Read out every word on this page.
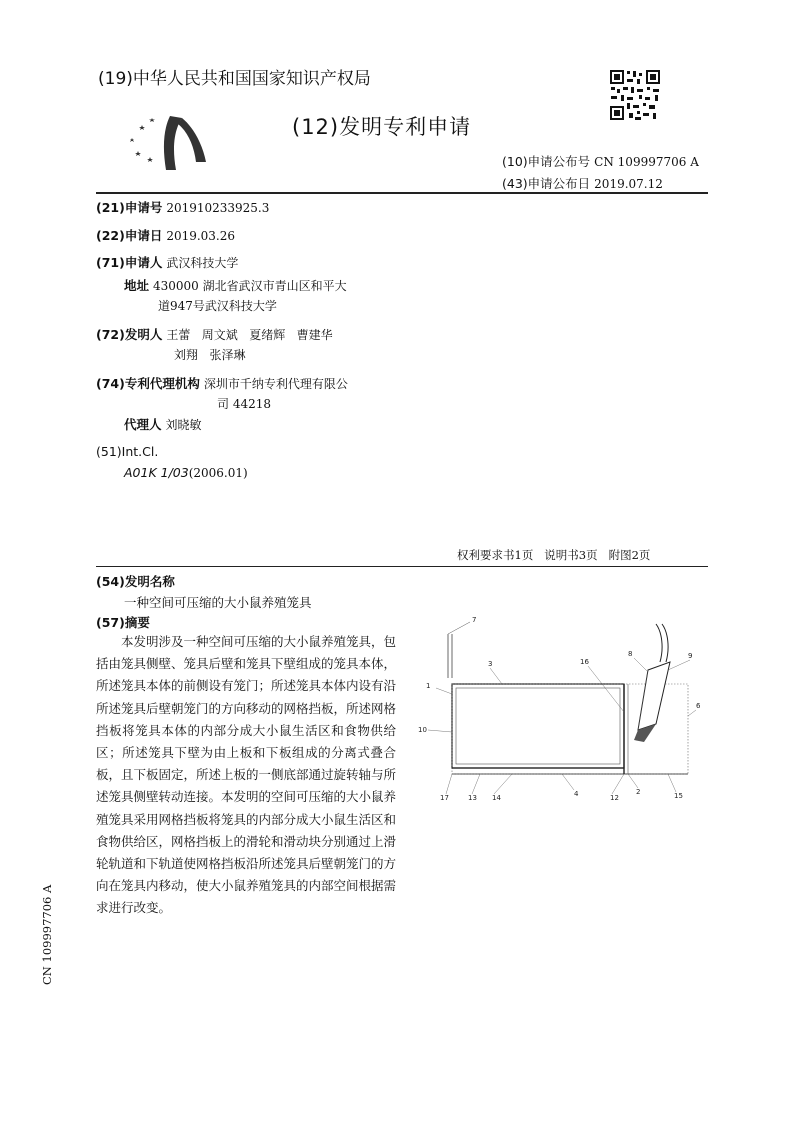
(19)中华人民共和国国家知识产权局
(12)发明专利申请
(10)申请公布号 CN 109997706 A
(43)申请公布日 2019.07.12
(21)申请号 201910233925.3
(22)申请日 2019.03.26
(71)申请人 武汉科技大学
地址 430000 湖北省武汉市青山区和平大
道947号武汉科技大学
(72)发明人 王蕾   周文斌   夏绪辉   曹建华
刘翔   张泽琳
(74)专利代理机构 深圳市千纳专利代理有限公
司 44218
代理人 刘晓敏
(51)Int.Cl.
A01K 1/03(2006.01)
权利要求书1页   说明书3页   附图2页
(54)发明名称
一种空间可压缩的大小鼠养殖笼具
(57)摘要
本发明涉及一种空间可压缩的大小鼠养殖笼具，包括由笼具侧壁、笼具后壁和笼具下壁组成的笼具本体，所述笼具本体的前侧设有笼门；所述笼具本体内设有沿所述笼具后壁朝笼门的方向移动的网格挡板，所述网格挡板将笼具本体的内部分成大小鼠生活区和食物供给区；所述笼具下壁为由上板和下板组成的分离式叠合板，且下板固定，所述上板的一侧底部通过旋转轴与所述笼具侧壁转动连接。本发明的空间可压缩的大小鼠养殖笼具采用网格挡板将笼具的内部分成大小鼠生活区和食物供给区，网格挡板上的滑轮和滑动块分别通过上滑轮轨道和下轨道使网格挡板沿所述笼具后壁朝笼门的方向在笼具内移动，使大小鼠养殖笼具的内部空间根据需求进行改变。
CN 109997706 A
7
3	16
8	9
1
6
10
17	13 14	4	12
2	15
